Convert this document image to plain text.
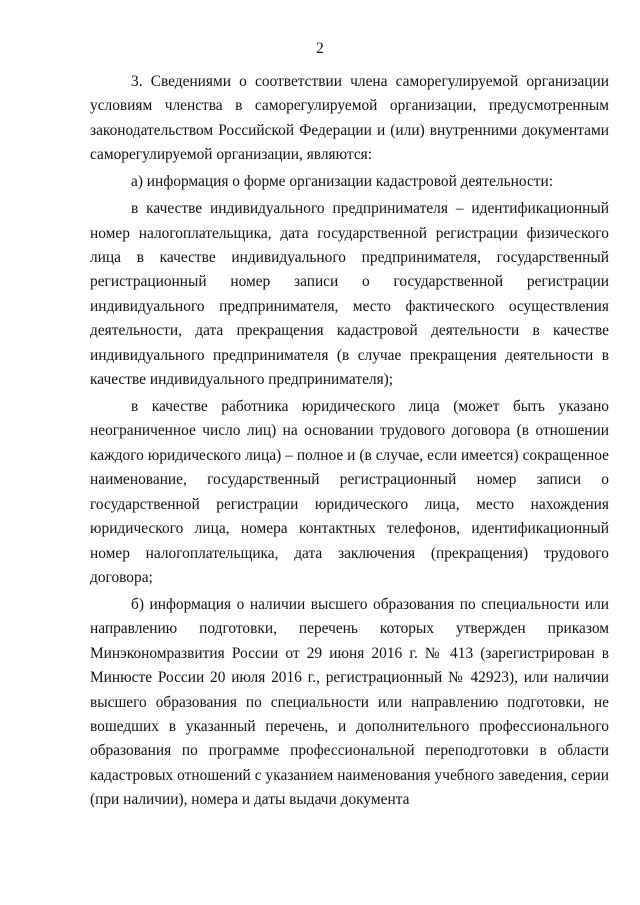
2

3. Сведениями о соответствии члена саморегулируемой организации условиям членства в саморегулируемой организации, предусмотренным законодательством Российской Федерации и (или) внутренними документами саморегулируемой организации, являются:

а) информация о форме организации кадастровой деятельности:

в качестве индивидуального предпринимателя – идентификационный номер налогоплательщика, дата государственной регистрации физического лица в качестве индивидуального предпринимателя, государственный регистрационный номер записи о государственной регистрации индивидуального предпринимателя, место фактического осуществления деятельности, дата прекращения кадастровой деятельности в качестве индивидуального предпринимателя (в случае прекращения деятельности в качестве индивидуального предпринимателя);

в качестве работника юридического лица (может быть указано неограниченное число лиц) на основании трудового договора (в отношении каждого юридического лица) – полное и (в случае, если имеется) сокращенное наименование, государственный регистрационный номер записи о государственной регистрации юридического лица, место нахождения юридического лица, номера контактных телефонов, идентификационный номер налогоплательщика, дата заключения (прекращения) трудового договора;

б) информация о наличии высшего образования по специальности или направлению подготовки, перечень которых утвержден приказом Минэкономразвития России от 29 июня 2016 г. № 413 (зарегистрирован в Минюсте России 20 июля 2016 г., регистрационный № 42923), или наличии высшего образования по специальности или направлению подготовки, не вошедших в указанный перечень, и дополнительного профессионального образования по программе профессиональной переподготовки в области кадастровых отношений с указанием наименования учебного заведения, серии (при наличии), номера и даты выдачи документа
